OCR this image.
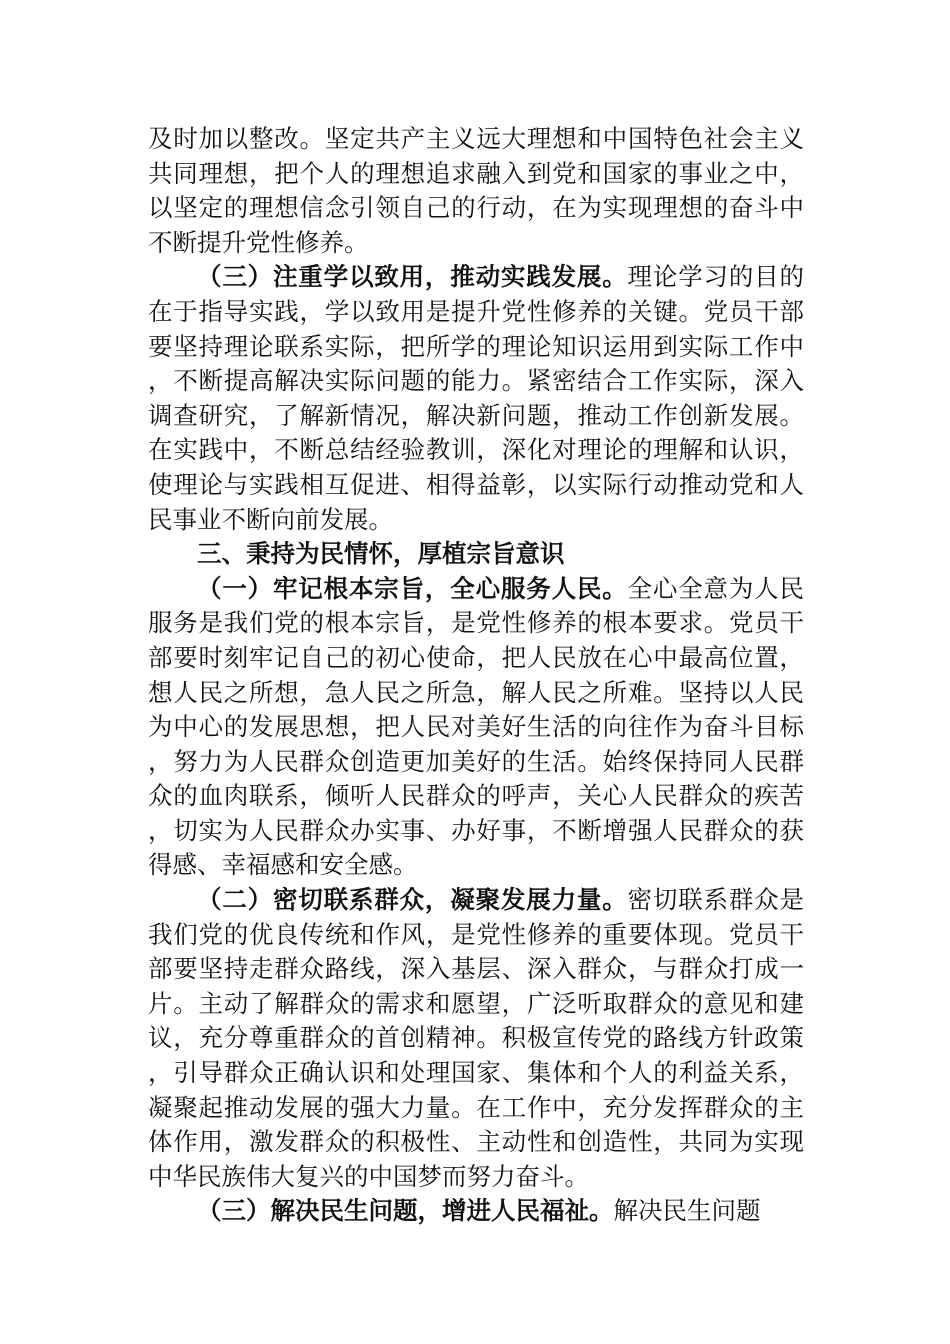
及时加以整改。坚定共产主义远大理想和中国特色社会主义共同理想，把个人的理想追求融入到党和国家的事业之中，以坚定的理想信念引领自己的行动，在为实现理想的奋斗中不断提升党性修养。

（三）注重学以致用，推动实践发展。理论学习的目的在于指导实践，学以致用是提升党性修养的关键。党员干部要坚持理论联系实际，把所学的理论知识运用到实际工作中，不断提高解决实际问题的能力。紧密结合工作实际，深入调查研究，了解新情况，解决新问题，推动工作创新发展。在实践中，不断总结经验教训，深化对理论的理解和认识，使理论与实践相互促进、相得益彰，以实际行动推动党和人民事业不断向前发展。

三、秉持为民情怀，厚植宗旨意识

（一）牢记根本宗旨，全心服务人民。全心全意为人民服务是我们党的根本宗旨，是党性修养的根本要求。党员干部要时刻牢记自己的初心使命，把人民放在心中最高位置，想人民之所想，急人民之所急，解人民之所难。坚持以人民为中心的发展思想，把人民对美好生活的向往作为奋斗目标，努力为人民群众创造更加美好的生活。始终保持同人民群众的血肉联系，倾听人民群众的呼声，关心人民群众的疾苦，切实为人民群众办实事、办好事，不断增强人民群众的获得感、幸福感和安全感。

（二）密切联系群众，凝聚发展力量。密切联系群众是我们党的优良传统和作风，是党性修养的重要体现。党员干部要坚持走群众路线，深入基层、深入群众，与群众打成一片。主动了解群众的需求和愿望，广泛听取群众的意见和建议，充分尊重群众的首创精神。积极宣传党的路线方针政策，引导群众正确认识和处理国家、集体和个人的利益关系，凝聚起推动发展的强大力量。在工作中，充分发挥群众的主体作用，激发群众的积极性、主动性和创造性，共同为实现中华民族伟大复兴的中国梦而努力奋斗。

（三）解决民生问题，增进人民福祉。解决民生问题
